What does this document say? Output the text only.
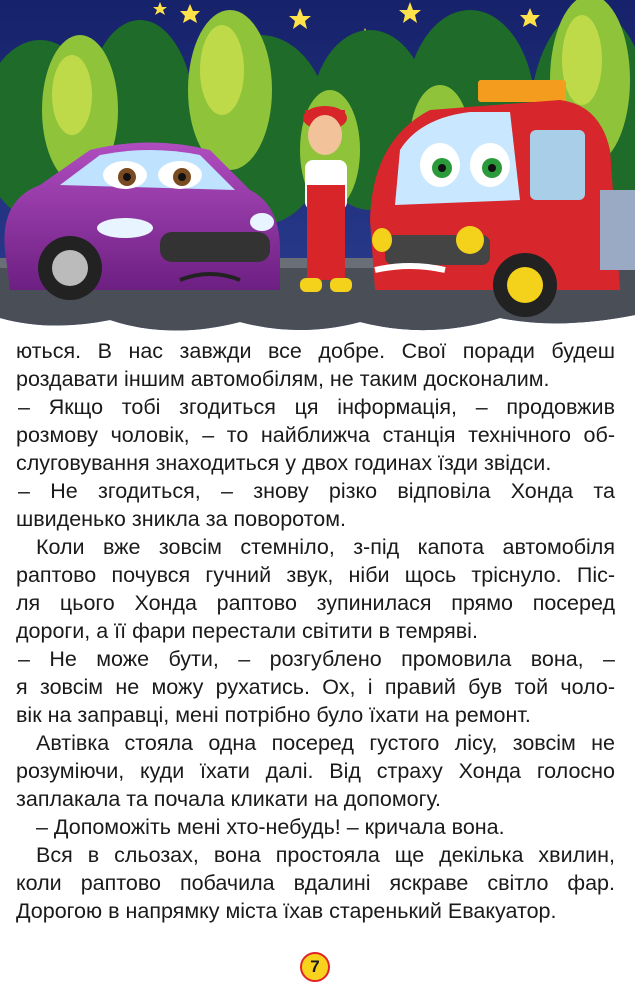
ються. В нас завжди все добре. Свої поради будеш
роздавати іншим автомобілям, не таким досконалим.
– Якщо тобі згодиться ця інформація, – продовжив
розмову чоловік, – то найближча станція технічного об-
слуговування знаходиться у двох годинах їзди звідси.
– Не згодиться, – знову різко відповіла Хонда та
швиденько зникла за поворотом.
Коли вже зовсім стемніло, з-під капота автомобіля
раптово почувся гучний звук, ніби щось тріснуло. Піс-
ля цього Хонда раптово зупинилася прямо посеред
дороги, а її фари перестали світити в темряві.
– Не може бути, – розгублено промовила вона, –
я зовсім не можу рухатись. Ох, і правий був той чоло-
вік на заправці, мені потрібно було їхати на ремонт.
Автівка стояла одна посеред густого лісу, зовсім не
розуміючи, куди їхати далі. Від страху Хонда голосно
заплакала та почала кликати на допомогу.
– Допоможіть мені хто-небудь! – кричала вона.
Вся в сльозах, вона простояла ще декілька хвилин,
коли раптово побачила вдалині яскраве світло фар.
Дорогою в напрямку міста їхав старенький Евакуатор.
7
